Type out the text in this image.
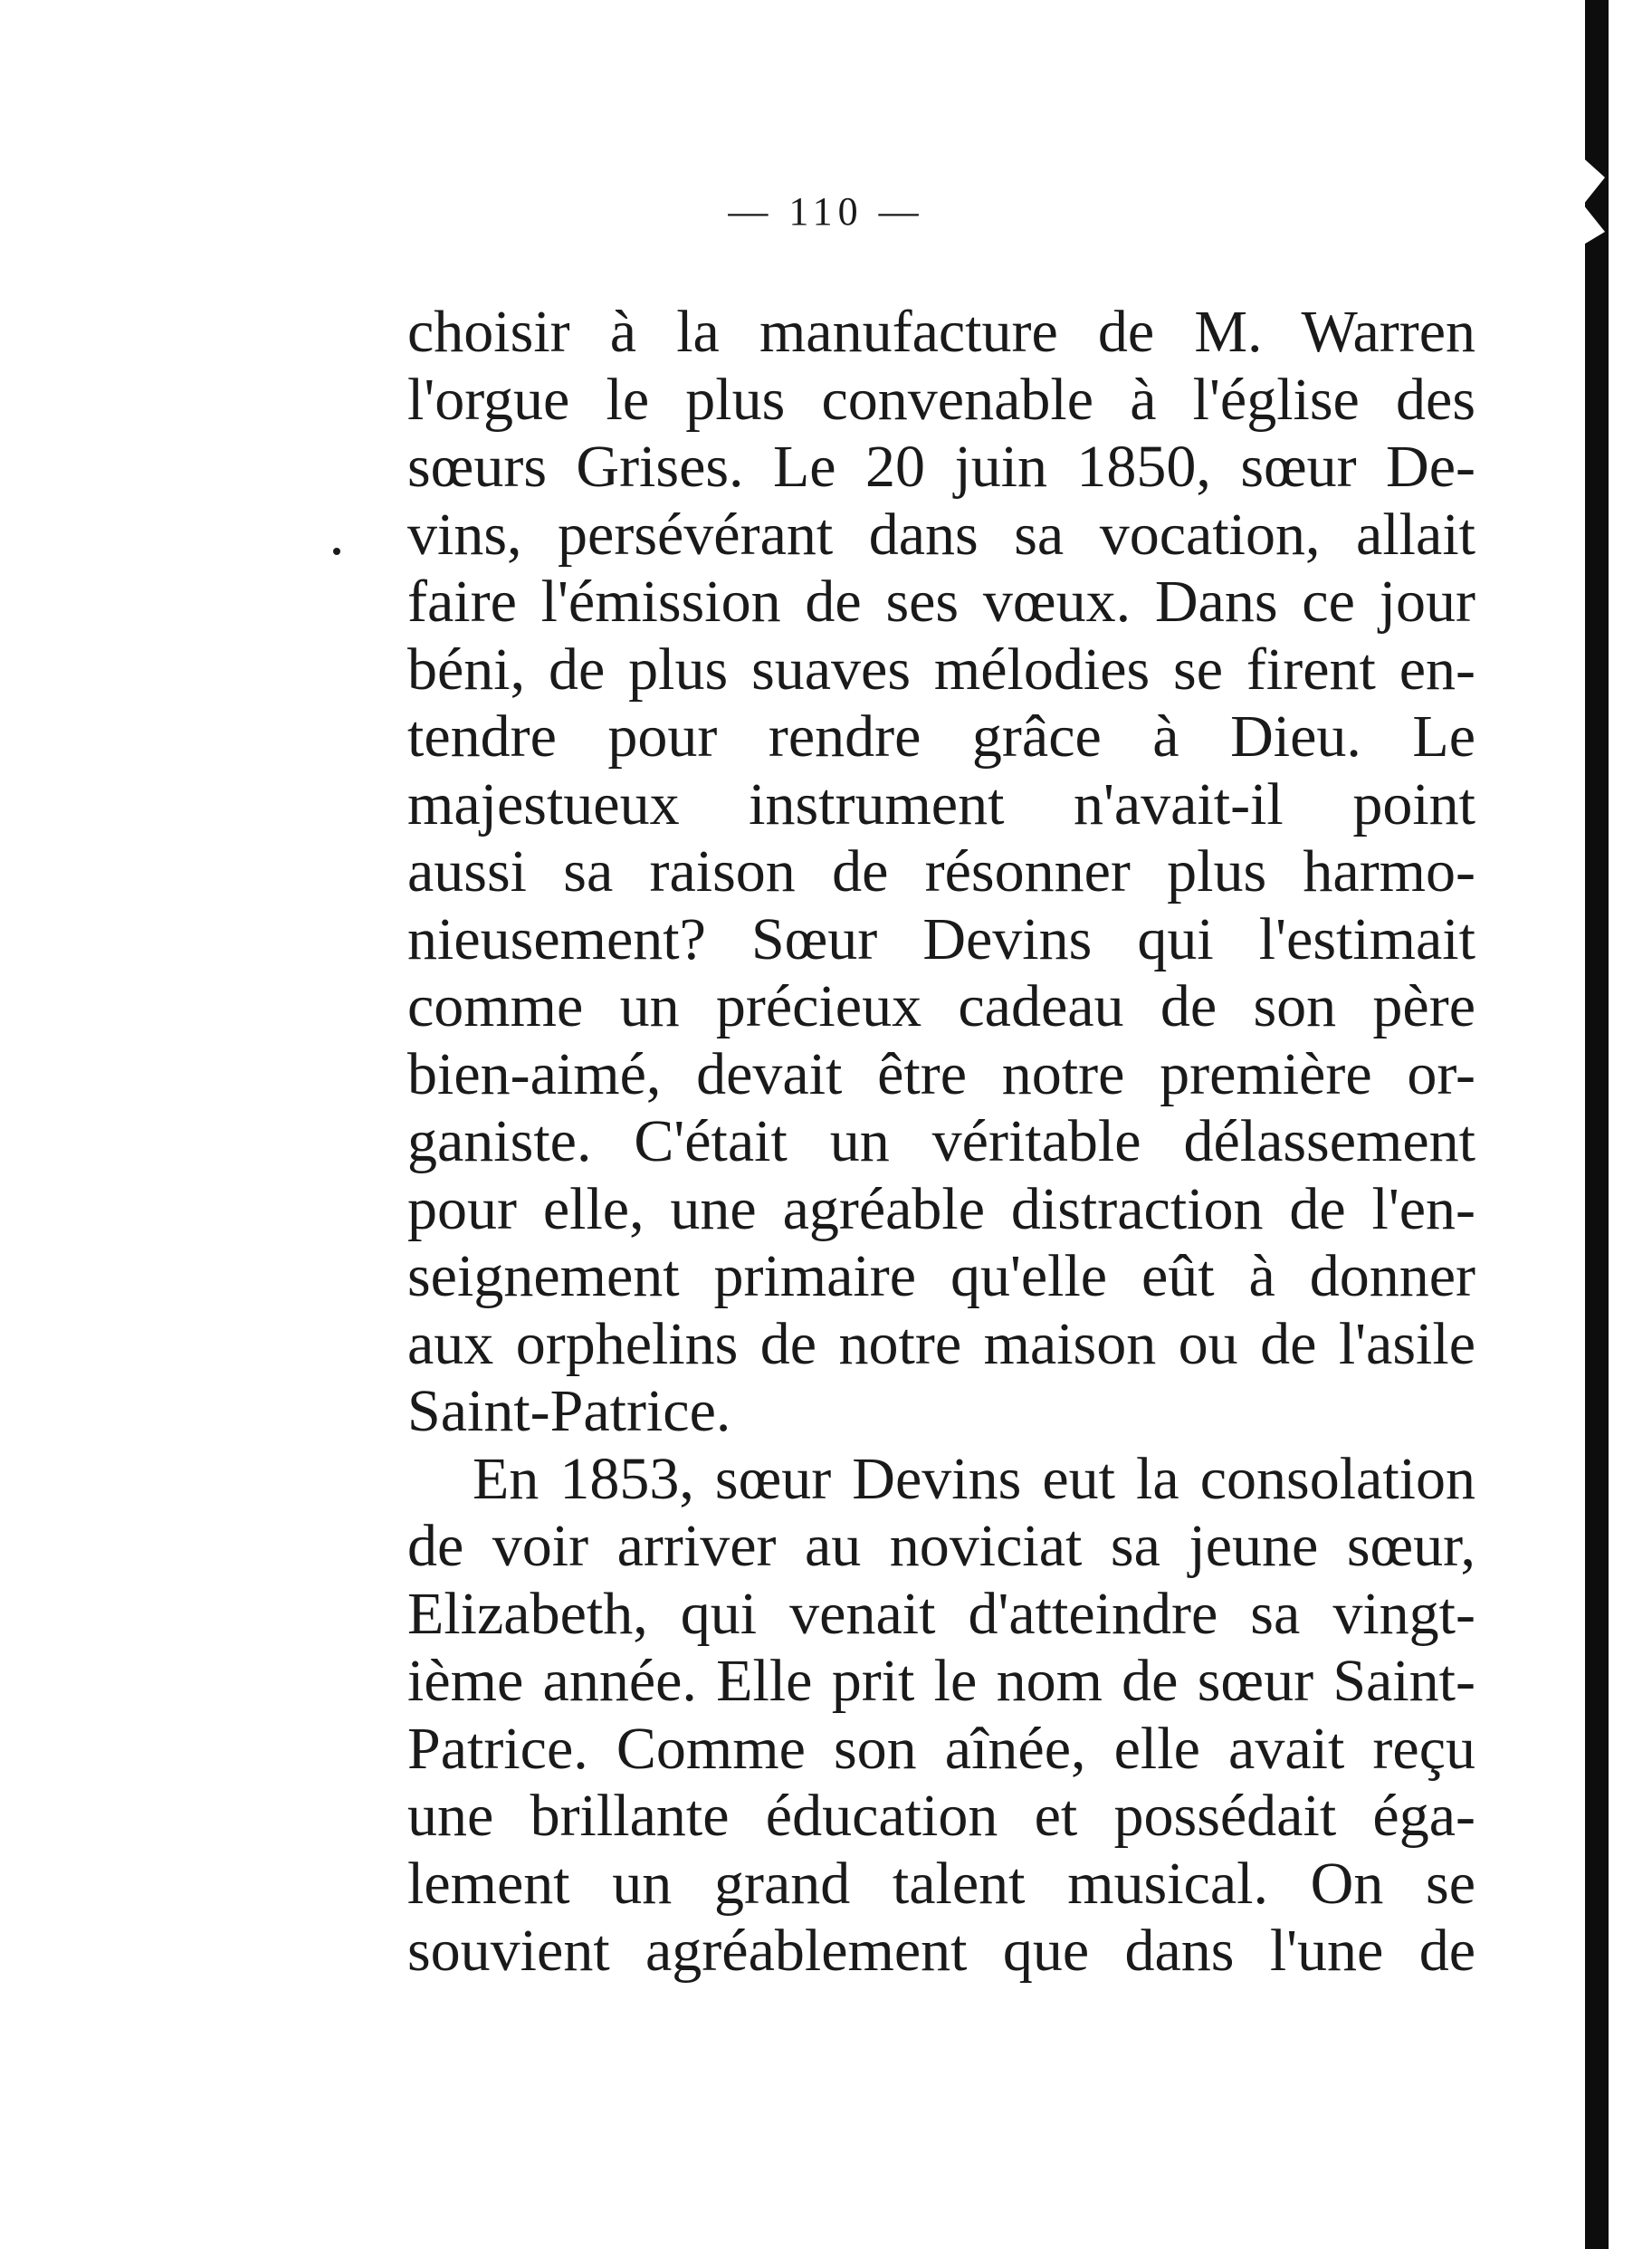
— 110 —
choisir à la manufacture de M. Warren
l'orgue le plus convenable à l'église des
sœurs Grises. Le 20 juin 1850, sœur De-
vins, persévérant dans sa vocation, allait
faire l'émission de ses vœux. Dans ce jour
béni, de plus suaves mélodies se firent en-
tendre pour rendre grâce à Dieu. Le
majestueux instrument n'avait-il point
aussi sa raison de résonner plus harmo-
nieusement? Sœur Devins qui l'estimait
comme un précieux cadeau de son père
bien-aimé, devait être notre première or-
ganiste. C'était un véritable délassement
pour elle, une agréable distraction de l'en-
seignement primaire qu'elle eût à donner
aux orphelins de notre maison ou de l'asile
Saint-Patrice.
En 1853, sœur Devins eut la consolation
de voir arriver au noviciat sa jeune sœur,
Elizabeth, qui venait d'atteindre sa vingt-
ième année. Elle prit le nom de sœur Saint-
Patrice. Comme son aînée, elle avait reçu
une brillante éducation et possédait éga-
lement un grand talent musical. On se
souvient agréablement que dans l'une de
